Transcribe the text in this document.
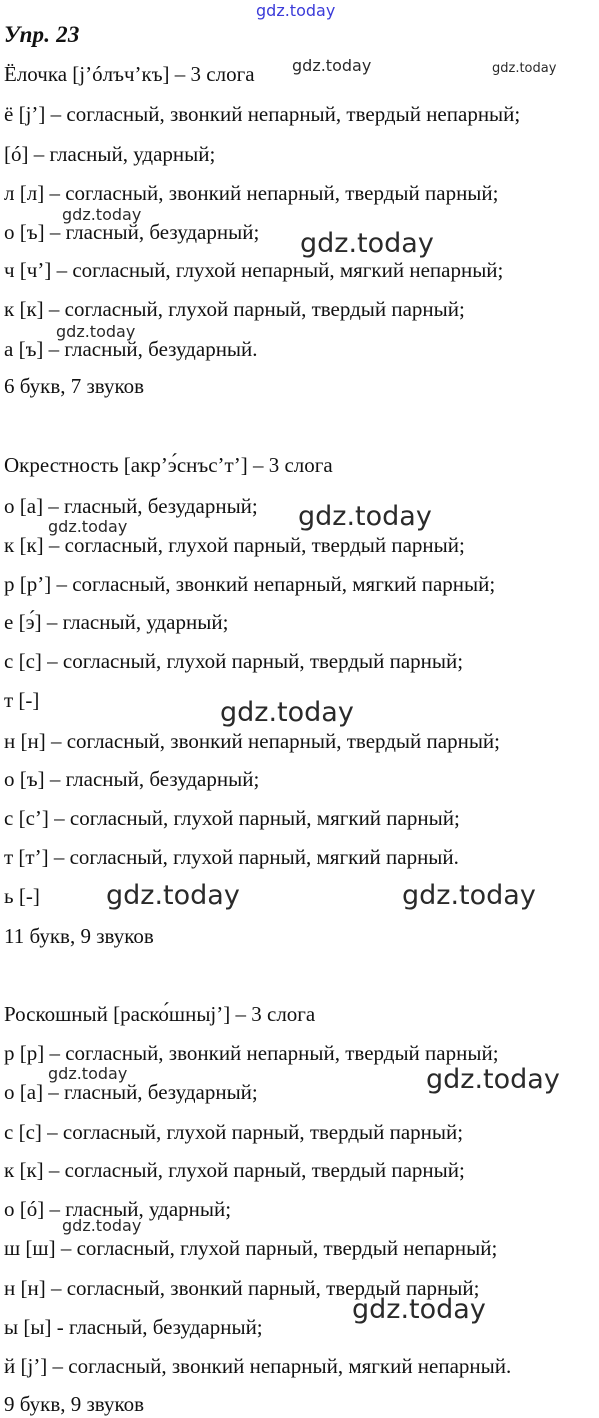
Упр. 23
Ёлочка [j’óлъч’къ] – 3 слога
ё [j’] – согласный, звонкий непарный, твердый непарный;
[ó] – гласный, ударный;
л [л] – согласный, звонкий непарный, твердый парный;
о [ъ] – гласный, безударный;
ч [ч’] – согласный, глухой непарный, мягкий непарный;
к [к] – согласный, глухой парный, твердый парный;
а [ъ] – гласный, безударный.
6 букв, 7 звуков
Окрестность [акр’э́снъс’т’] – 3 слога
о [а] – гласный, безударный;
к [к] – согласный, глухой парный, твердый парный;
р [р’] – согласный, звонкий непарный, мягкий парный;
е [э́] – гласный, ударный;
с [с] – согласный, глухой парный, твердый парный;
т [-]
н [н] – согласный, звонкий непарный, твердый парный;
о [ъ] – гласный, безударный;
с [с’] – согласный, глухой парный, мягкий парный;
т [т’] – согласный, глухой парный, мягкий парный.
ь [-]
11 букв, 9 звуков
Роскошный [раско́шныj’] – 3 слога
р [р] – согласный, звонкий непарный, твердый парный;
о [а] – гласный, безударный;
с [с] – согласный, глухой парный, твердый парный;
к [к] – согласный, глухой парный, твердый парный;
о [ó] – гласный, ударный;
ш [ш] – согласный, глухой парный, твердый непарный;
н [н] – согласный, звонкий парный, твердый парный;
ы [ы] - гласный, безударный;
й [j’] – согласный, звонкий непарный, мягкий непарный.
9 букв, 9 звуков
gdz.today
gdz.today	gdz.today
gdz.today
gdz.today
gdz.today
gdz.today
gdz.today
gdz.today
gdz.today	gdz.today
gdz.today
gdz.today
gdz.today
gdz.today
